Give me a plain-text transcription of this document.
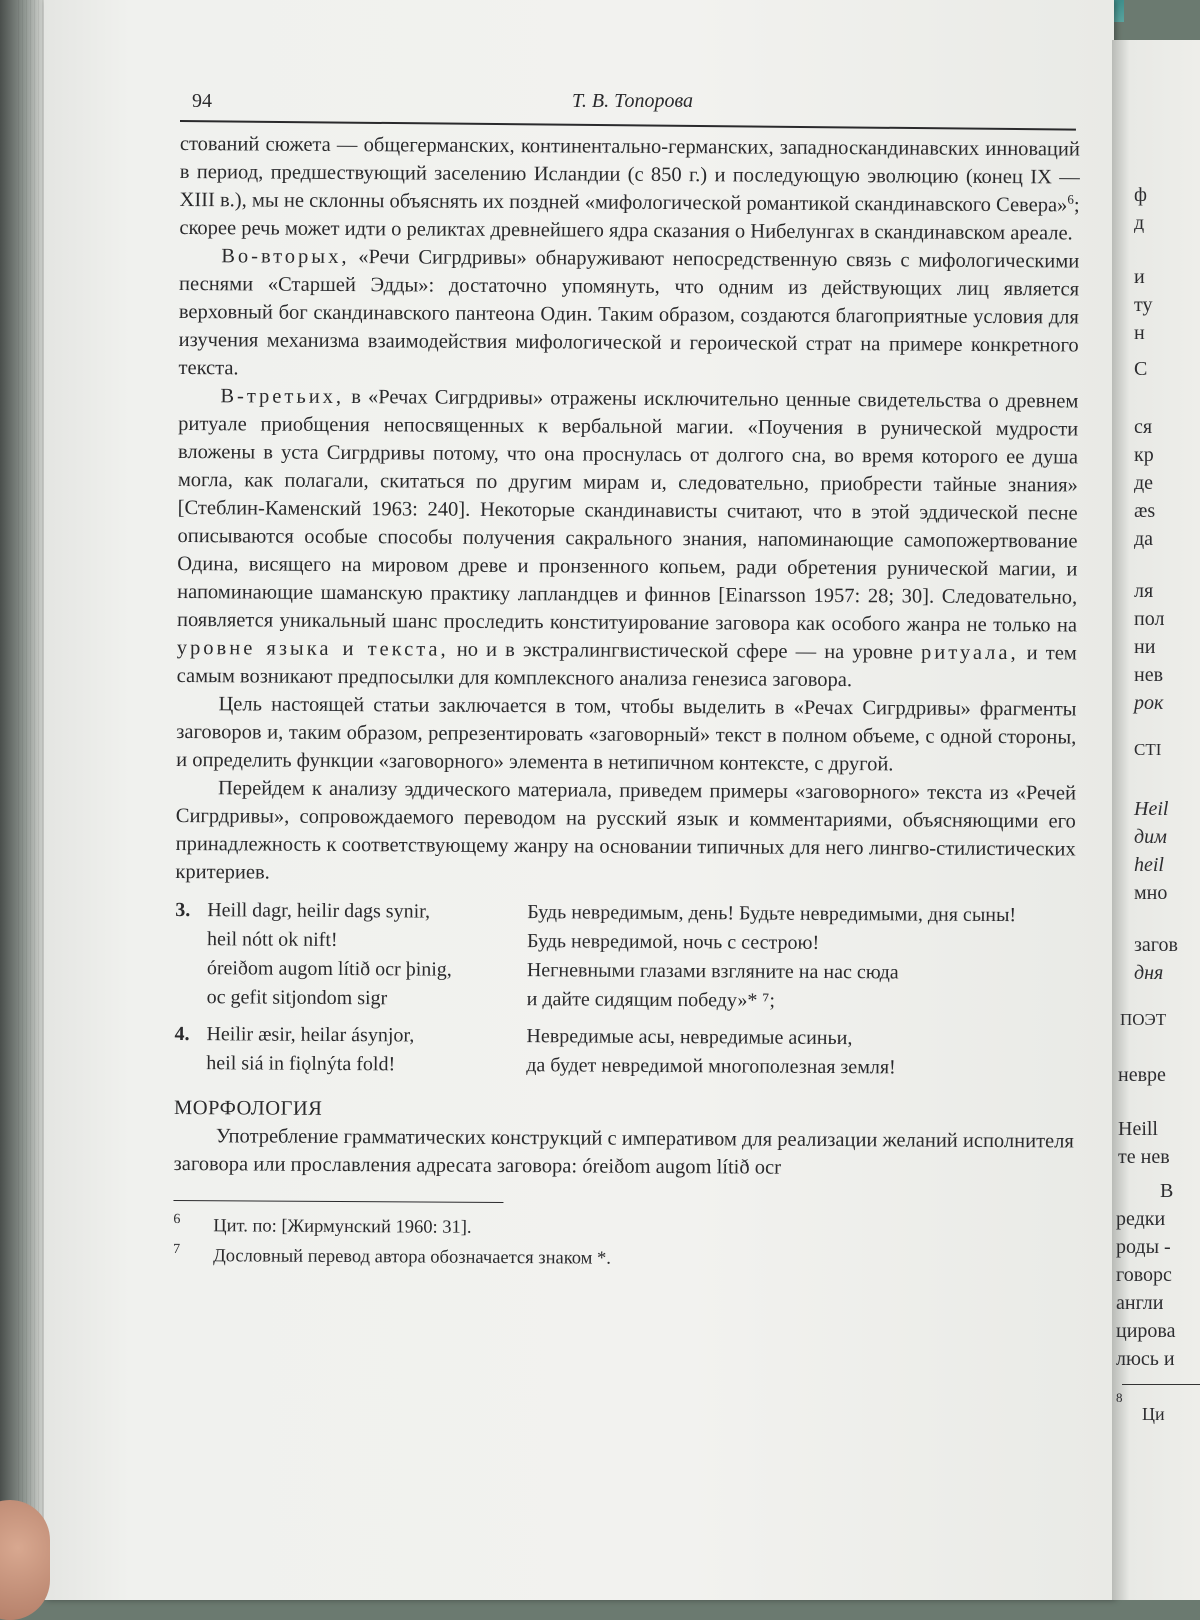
ф
д
и
ту
н
С
ся
кр
де
æs
да
ля
пол
ни
нев
рок
СТІ
Heil
дим
heil
мно
загов
дня
ПОЭТ
невре
Heill
те нев
В
редки
роды -
говорс
англи
цирова
люсь и
8
Ци
94	Т. В. Топорова

стований сюжета — общегерманских, континентально-германских, западноскандинавских инноваций в период, предшествующий заселению Исландии (с 850 г.) и последующую эволюцию (конец IX — XIII в.), мы не склонны объяснять их поздней «мифологической романтикой скандинавского Севера»$^6$; скорее речь может идти о реликтах древнейшего ядра сказания о Нибелунгах в скандинавском ареале.

Во-вторых, «Речи Сигрдривы» обнаруживают непосредственную связь с мифологическими песнями «Старшей Эдды»: достаточно упомянуть, что одним из действующих лиц является верховный бог скандинавского пантеона Один. Таким образом, создаются благоприятные условия для изучения механизма взаимодействия мифологической и героической страт на примере конкретного текста.

В-третьих, в «Речах Сигрдривы» отражены исключительно ценные свидетельства о древнем ритуале приобщения непосвященных к вербальной магии. «Поучения в рунической мудрости вложены в уста Сигрдривы потому, что она проснулась от долгого сна, во время которого ее душа могла, как полагали, скитаться по другим мирам и, следовательно, приобрести тайные знания» [Стеблин-Каменский 1963: 240]. Некоторые скандинависты считают, что в этой эддической песне описываются особые способы получения сакрального знания, напоминающие самопожертвование Одина, висящего на мировом древе и пронзенного копьем, ради обретения рунической магии, и напоминающие шаманскую практику лапландцев и финнов [Einarsson 1957: 28; 30]. Следовательно, появляется уникальный шанс проследить конституирование заговора как особого жанра не только на уровне языка и текста, но и в экстралингвистической сфере — на уровне ритуала, и тем самым возникают предпосылки для комплексного анализа генезиса заговора.

Цель настоящей статьи заключается в том, чтобы выделить в «Речах Сигрдривы» фрагменты заговоров и, таким образом, репрезентировать «заговорный» текст в полном объеме, с одной стороны, и определить функции «заговорного» элемента в нетипичном контексте, с другой.

Перейдем к анализу эддического материала, приведем примеры «заговорного» текста из «Речей Сигрдривы», сопровождаемого переводом на русский язык и комментариями, объясняющими его принадлежность к соответствующему жанру на основании типичных для него лингво-стилистических критериев.

3.	Heill dagr, heilir dags synir,	Будь невредимым, день! Будьте невредимыми, дня сыны!
	heil nótt ok nift!	Будь невредимой, ночь с сестрою!
	óreiðom augom lítið ocr þinig,	Негневными глазами взгляните на нас сюда
	oc gefit sitjondom sigr	и дайте сидящим победу»* ⁷;
4.	Heilir æsir, heilar ásynjor,	Невредимые асы, невредимые асиньи,
	heil siá in fiǫlnýta fold!	да будет невредимой многополезная земля!
МОРФОЛОГИЯ

Употребление грамматических конструкций с императивом для реализации желаний исполнителя заговора или прославления адресата заговора: óreiðom augom lítið ocr

6	Цит. по: [Жирмунский 1960: 31].
7	Дословный перевод автора обозначается знаком *.
